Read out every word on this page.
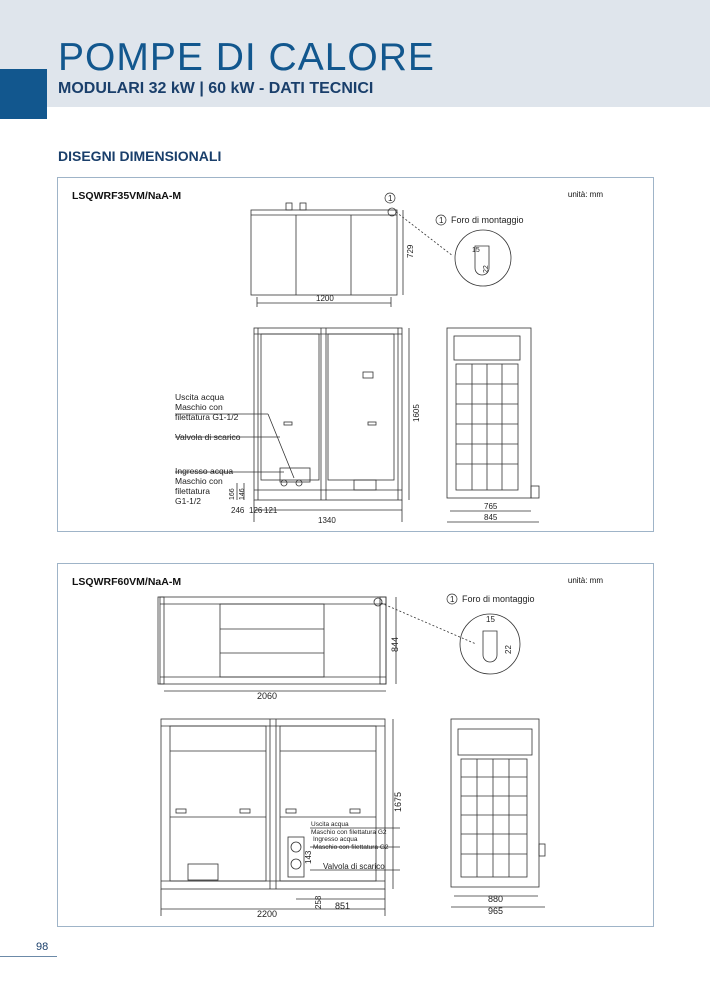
POMPE DI CALORE
MODULARI 32 kW | 60 kW - DATI TECNICI
DISEGNI DIMENSIONALI
LSQWRF35VM/NaA-M	unità: mm
1
1 Foro di montaggio
15
22
729
1200
1605
1340
765
845
246 126 121
166 146
Uscita acqua
Maschio con
filettatura G1-1/2
Valvola di scarico
Ingresso acqua
Maschio con
filettatura
G1-1/2
LSQWRF60VM/NaA-M	unità: mm
1 Foro di montaggio
15
22
844
2060
1675
2200
851
258
143
880
965
Uscita acqua
Maschio con filettatura G2
Ingresso acqua
Maschio con filettatura G2
Valvola di scarico
98
